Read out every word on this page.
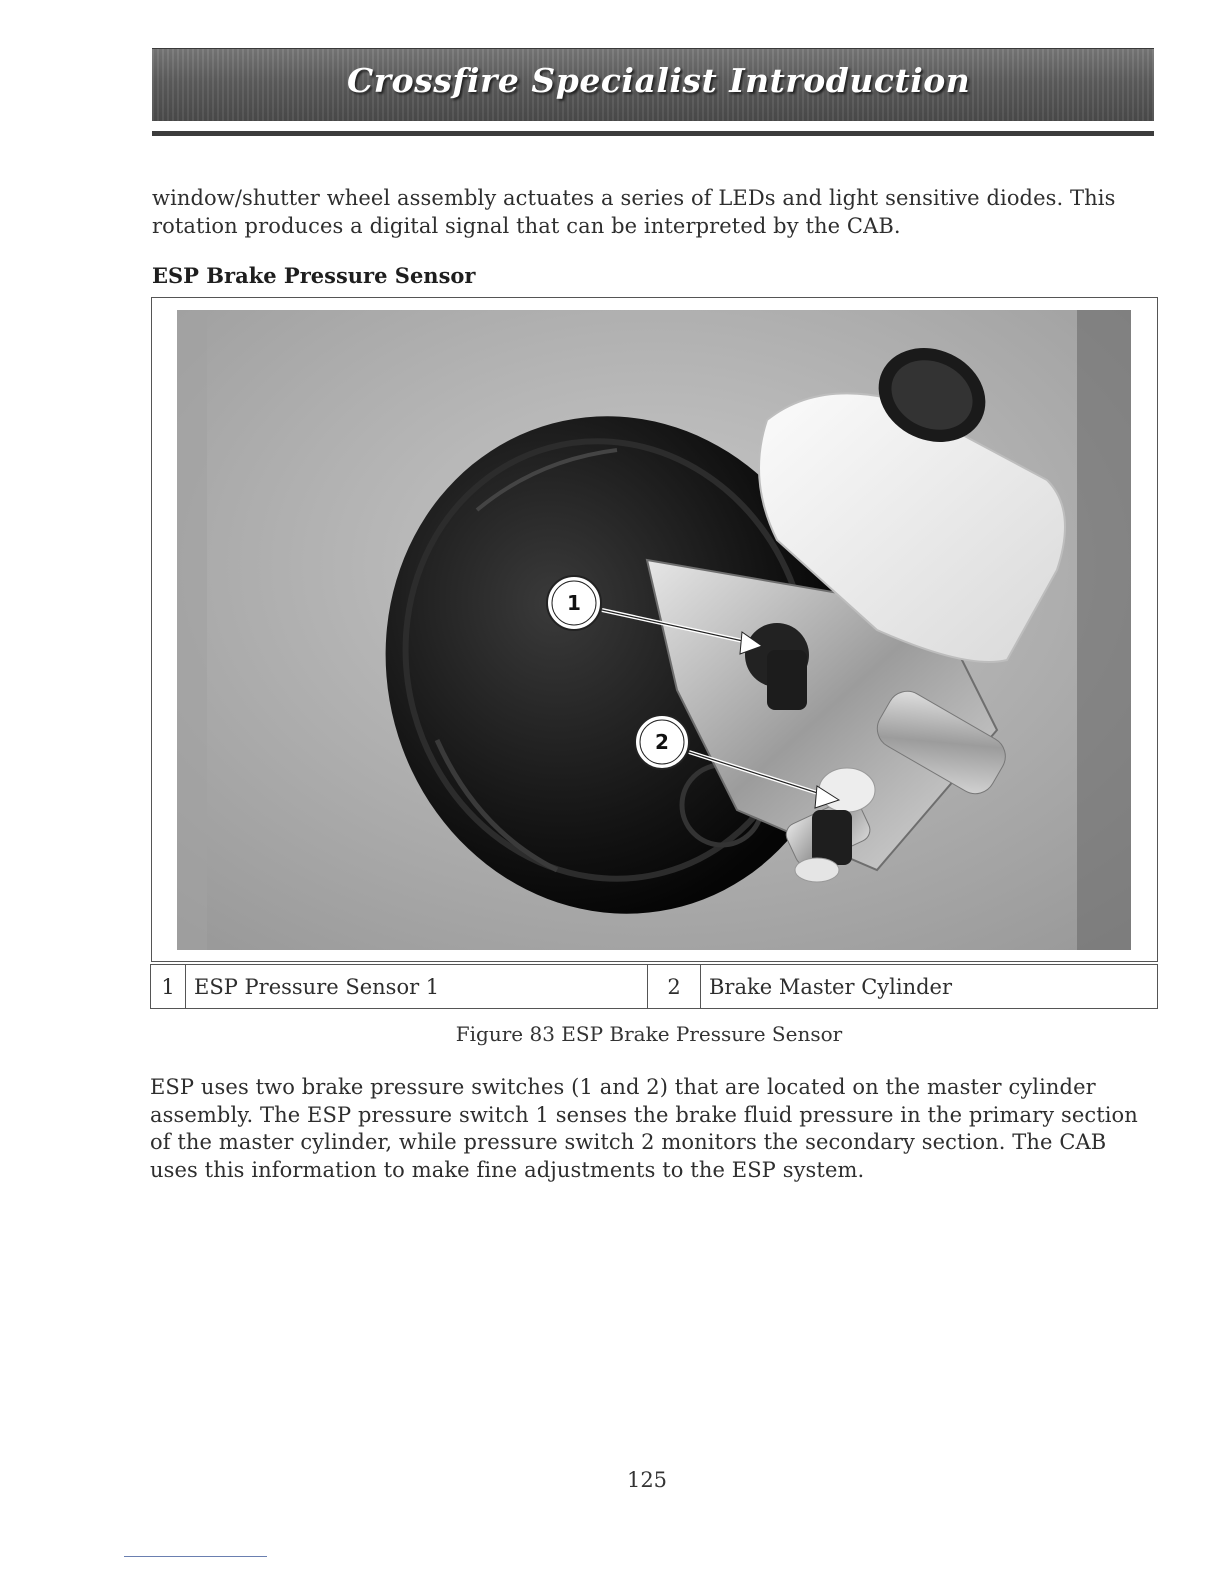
Crossfire Specialist Introduction

window/shutter wheel assembly actuates a series of LEDs and light sensitive diodes. This rotation produces a digital signal that can be interpreted by the CAB.

ESP Brake Pressure Sensor
1
2
1	ESP Pressure Sensor 1	2	Brake Master Cylinder

Figure 83 ESP Brake Pressure Sensor

ESP uses two brake pressure switches (1 and 2) that are located on the master cylinder assembly. The ESP pressure switch 1 senses the brake fluid pressure in the primary section of the master cylinder, while pressure switch 2 monitors the secondary section. The CAB uses this information to make fine adjustments to the ESP system.

125
